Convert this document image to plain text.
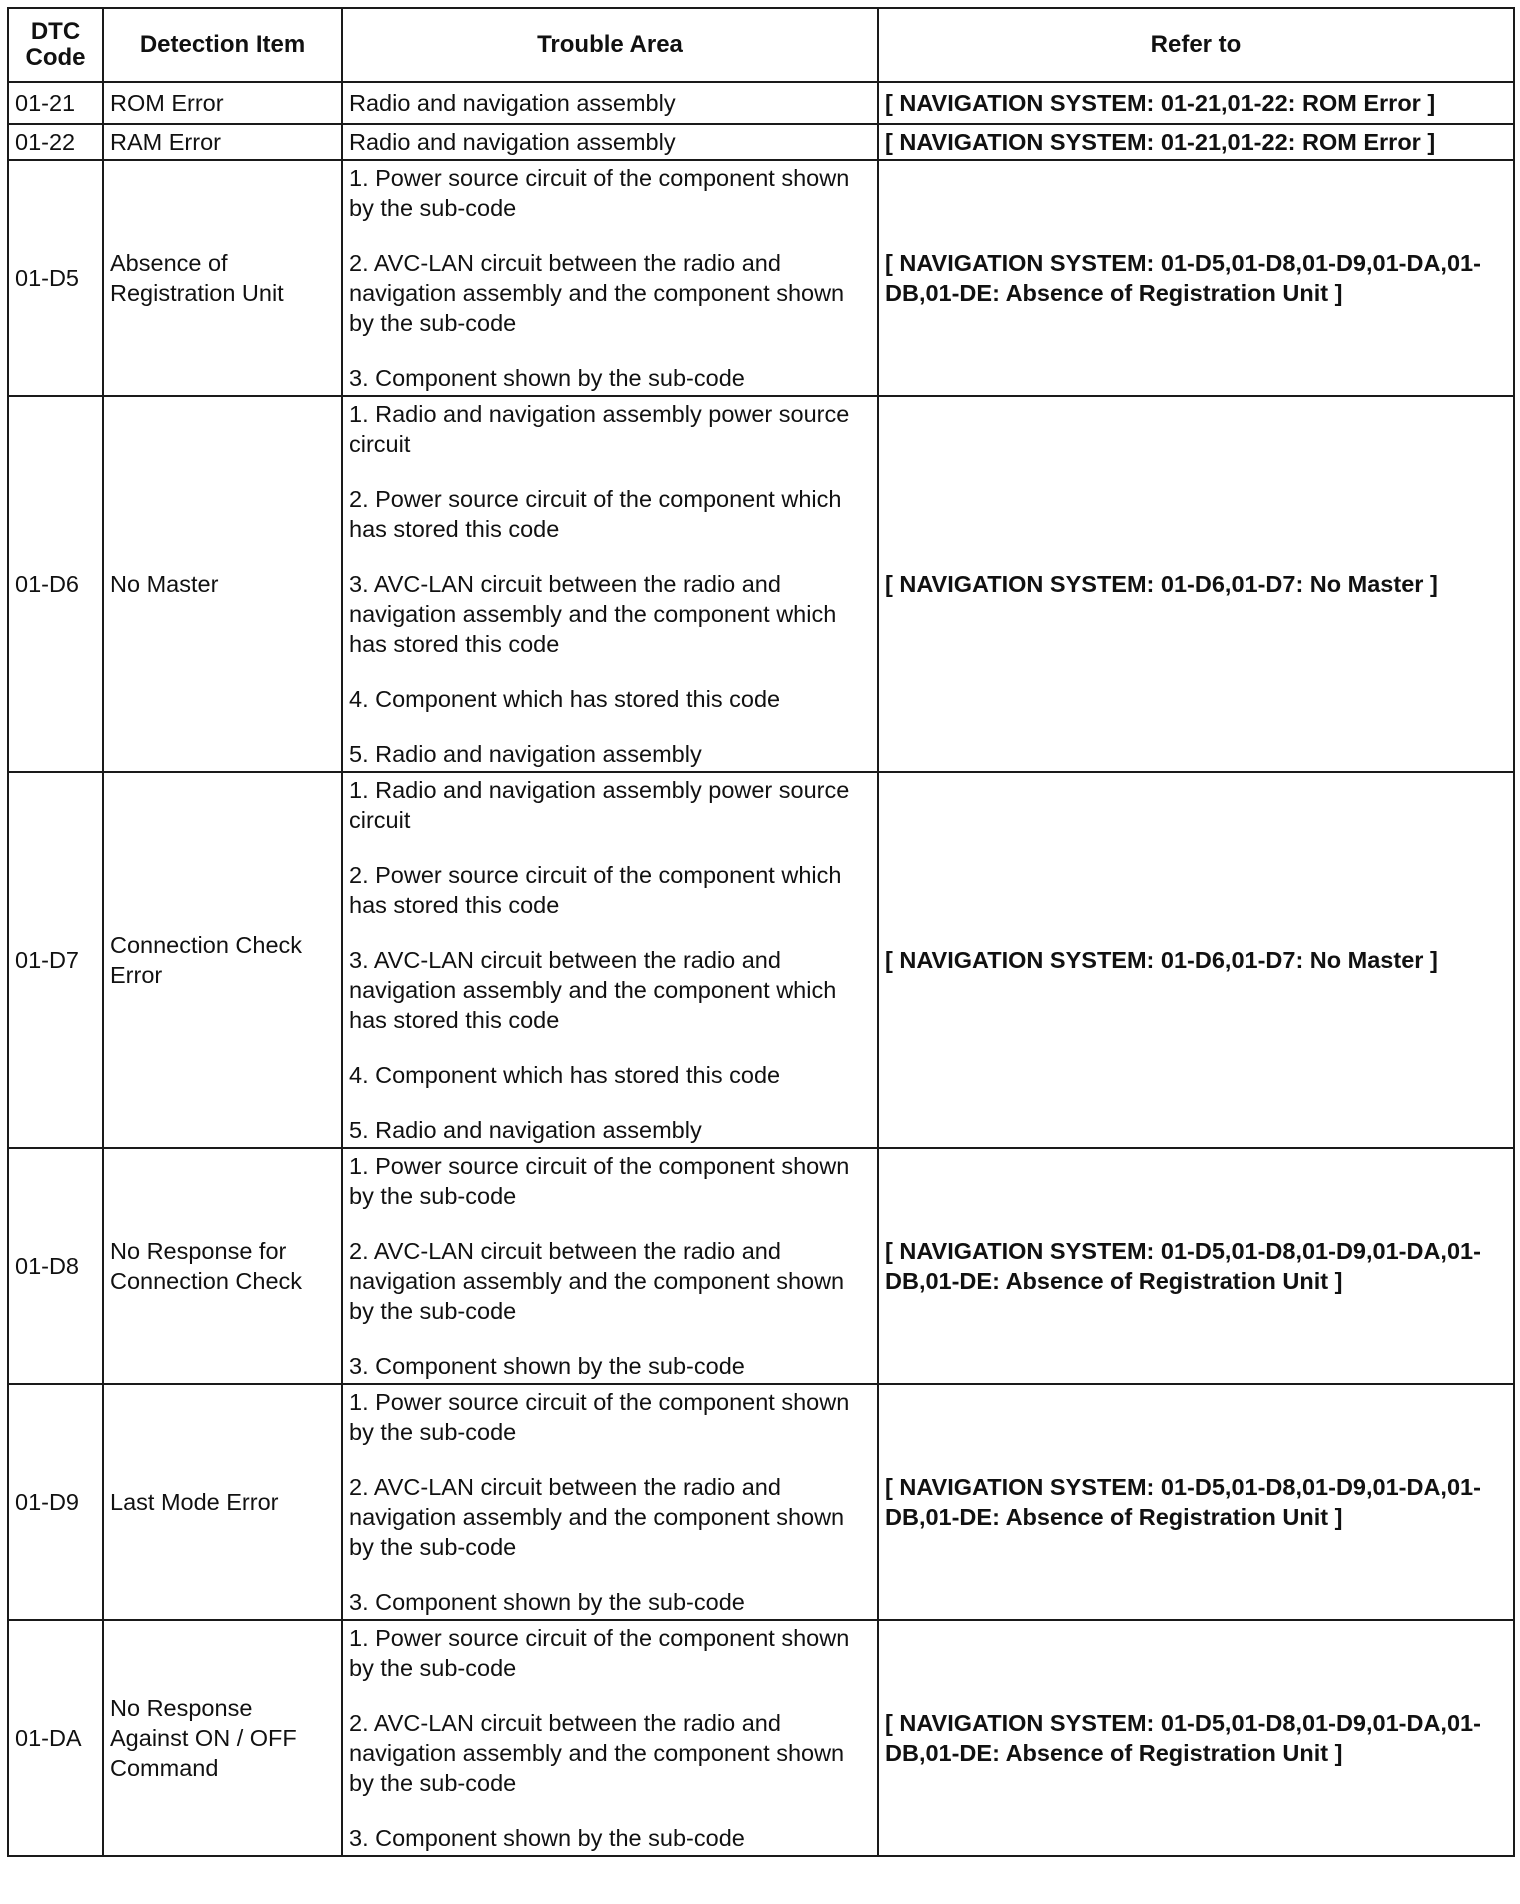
DTC Code	Detection Item	Trouble Area	Refer to
01-21	ROM Error	Radio and navigation assembly	[ NAVIGATION SYSTEM: 01-21,01-22: ROM Error ]
01-22	RAM Error	Radio and navigation assembly	[ NAVIGATION SYSTEM: 01-21,01-22: ROM Error ]
01-D5	Absence of Registration Unit	1. Power source circuit of the component shown by the sub-code

2. AVC-LAN circuit between the radio and navigation assembly and the component shown by the sub-code

3. Component shown by the sub-code	[ NAVIGATION SYSTEM: 01-D5,01-D8,01-D9,01-DA,01-DB,01-DE: Absence of Registration Unit ]
01-D6	No Master	1. Radio and navigation assembly power source circuit

2. Power source circuit of the component which has stored this code

3. AVC-LAN circuit between the radio and navigation assembly and the component which has stored this code

4. Component which has stored this code

5. Radio and navigation assembly	[ NAVIGATION SYSTEM: 01-D6,01-D7: No Master ]
01-D7	Connection Check Error	1. Radio and navigation assembly power source circuit

2. Power source circuit of the component which has stored this code

3. AVC-LAN circuit between the radio and navigation assembly and the component which has stored this code

4. Component which has stored this code

5. Radio and navigation assembly	[ NAVIGATION SYSTEM: 01-D6,01-D7: No Master ]
01-D8	No Response for Connection Check	1. Power source circuit of the component shown by the sub-code

2. AVC-LAN circuit between the radio and navigation assembly and the component shown by the sub-code

3. Component shown by the sub-code	[ NAVIGATION SYSTEM: 01-D5,01-D8,01-D9,01-DA,01-DB,01-DE: Absence of Registration Unit ]
01-D9	Last Mode Error	1. Power source circuit of the component shown by the sub-code

2. AVC-LAN circuit between the radio and navigation assembly and the component shown by the sub-code

3. Component shown by the sub-code	[ NAVIGATION SYSTEM: 01-D5,01-D8,01-D9,01-DA,01-DB,01-DE: Absence of Registration Unit ]
01-DA	No Response Against ON / OFF Command	1. Power source circuit of the component shown by the sub-code

2. AVC-LAN circuit between the radio and navigation assembly and the component shown by the sub-code

3. Component shown by the sub-code	[ NAVIGATION SYSTEM: 01-D5,01-D8,01-D9,01-DA,01-DB,01-DE: Absence of Registration Unit ]
